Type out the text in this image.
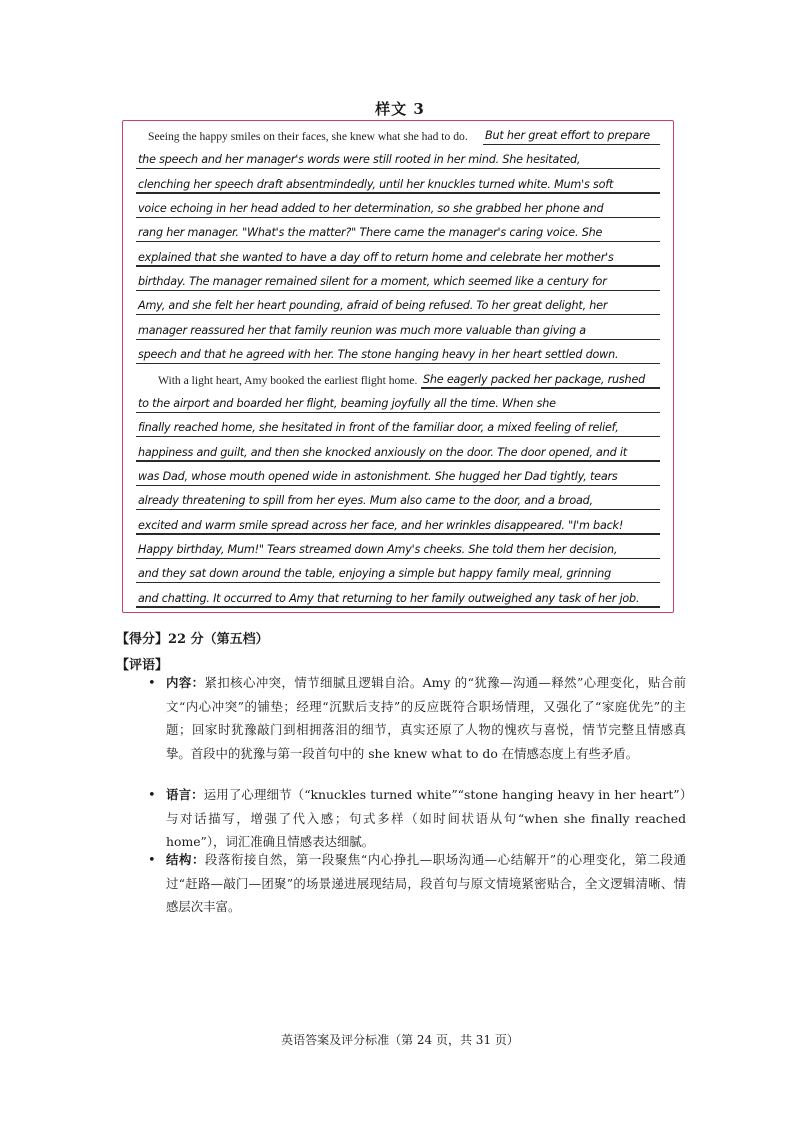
样文 3
Seeing the happy smiles on their faces, she knew what she had to do. But her great effort to prepare
the speech and her manager's words were still rooted in her mind. She hesitated,
clenching her speech draft absentmindedly, until her knuckles turned white. Mum's soft
voice echoing in her head added to her determination, so she grabbed her phone and
rang her manager. "What's the matter?" There came the manager's caring voice. She
explained that she wanted to have a day off to return home and celebrate her mother's
birthday. The manager remained silent for a moment, which seemed like a century for
Amy, and she felt her heart pounding, afraid of being refused. To her great delight, her
manager reassured her that family reunion was much more valuable than giving a
speech and that he agreed with her. The stone hanging heavy in her heart settled down.
With a light heart, Amy booked the earliest flight home. She eagerly packed her package, rushed
to the airport and boarded her flight, beaming joyfully all the time. When she
finally reached home, she hesitated in front of the familiar door, a mixed feeling of relief,
happiness and guilt, and then she knocked anxiously on the door. The door opened, and it
was Dad, whose mouth opened wide in astonishment. She hugged her Dad tightly, tears
already threatening to spill from her eyes. Mum also came to the door, and a broad,
excited and warm smile spread across her face, and her wrinkles disappeared. "I'm back!
Happy birthday, Mum!" Tears streamed down Amy's cheeks. She told them her decision,
and they sat down around the table, enjoying a simple but happy family meal, grinning
and chatting. It occurred to Amy that returning to her family outweighed any task of her job.
【得分】22 分（第五档）
【评语】
• 内容：紧扣核心冲突，情节细腻且逻辑自洽。Amy 的“犹豫—沟通—释然”心理变化，贴合前文“内心冲突”的铺垫；经理“沉默后支持”的反应既符合职场情理，又强化了“家庭优先”的主题；回家时犹豫敲门到相拥落泪的细节，真实还原了人物的愧疚与喜悦，情节完整且情感真挚。首段中的犹豫与第一段首句中的 she knew what to do 在情感态度上有些矛盾。
• 语言：运用了心理细节（“knuckles turned white”“stone hanging heavy in her heart”）与对话描写，增强了代入感；句式多样（如时间状语从句“when she finally reached home”），词汇准确且情感表达细腻。
• 结构：段落衔接自然，第一段聚焦“内心挣扎—职场沟通—心结解开”的心理变化，第二段通过“赶路—敲门—团聚”的场景递进展现结局，段首句与原文情境紧密贴合，全文逻辑清晰、情感层次丰富。
英语答案及评分标准（第 24 页，共 31 页）
